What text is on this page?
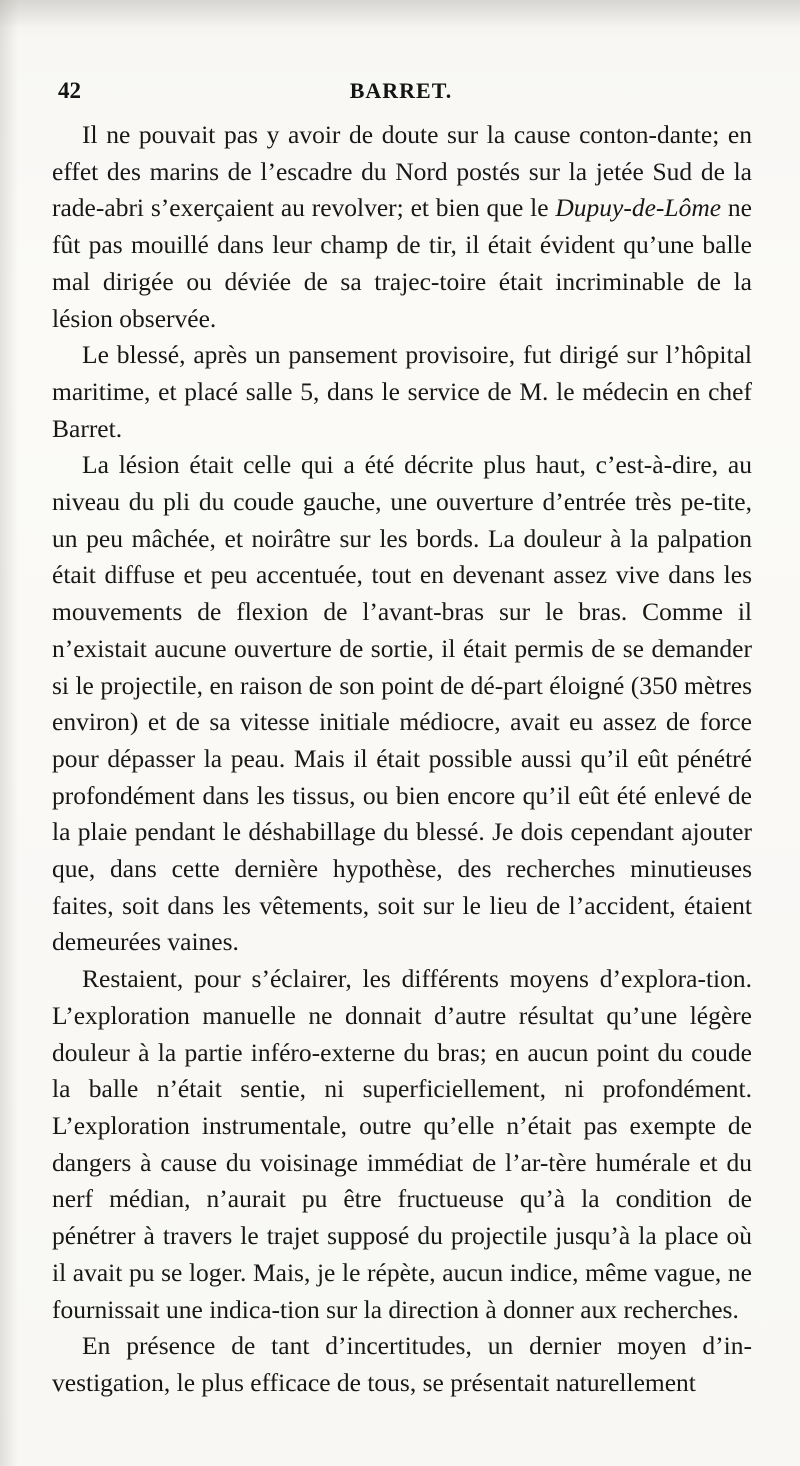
42	BARRET.

Il ne pouvait pas y avoir de doute sur la cause conton-dante; en effet des marins de l’escadre du Nord postés sur la jetée Sud de la rade-abri s’exerçaient au revolver; et bien que le Dupuy-de-Lôme ne fût pas mouillé dans leur champ de tir, il était évident qu’une balle mal dirigée ou déviée de sa trajec-toire était incriminable de la lésion observée.

Le blessé, après un pansement provisoire, fut dirigé sur l’hôpital maritime, et placé salle 5, dans le service de M. le médecin en chef Barret.

La lésion était celle qui a été décrite plus haut, c’est-à-dire, au niveau du pli du coude gauche, une ouverture d’entrée très pe-tite, un peu mâchée, et noirâtre sur les bords. La douleur à la palpation était diffuse et peu accentuée, tout en devenant assez vive dans les mouvements de flexion de l’avant-bras sur le bras. Comme il n’existait aucune ouverture de sortie, il était permis de se demander si le projectile, en raison de son point de dé-part éloigné (350 mètres environ) et de sa vitesse initiale médiocre, avait eu assez de force pour dépasser la peau. Mais il était possible aussi qu’il eût pénétré profondément dans les tissus, ou bien encore qu’il eût été enlevé de la plaie pendant le déshabillage du blessé. Je dois cependant ajouter que, dans cette dernière hypothèse, des recherches minutieuses faites, soit dans les vêtements, soit sur le lieu de l’accident, étaient demeurées vaines.

Restaient, pour s’éclairer, les différents moyens d’explora-tion. L’exploration manuelle ne donnait d’autre résultat qu’une légère douleur à la partie inféro-externe du bras; en aucun point du coude la balle n’était sentie, ni superficiellement, ni profondément. L’exploration instrumentale, outre qu’elle n’était pas exempte de dangers à cause du voisinage immédiat de l’ar-tère humérale et du nerf médian, n’aurait pu être fructueuse qu’à la condition de pénétrer à travers le trajet supposé du projectile jusqu’à la place où il avait pu se loger. Mais, je le répète, aucun indice, même vague, ne fournissait une indica-tion sur la direction à donner aux recherches.

En présence de tant d’incertitudes, un dernier moyen d’in-vestigation, le plus efficace de tous, se présentait naturellement
